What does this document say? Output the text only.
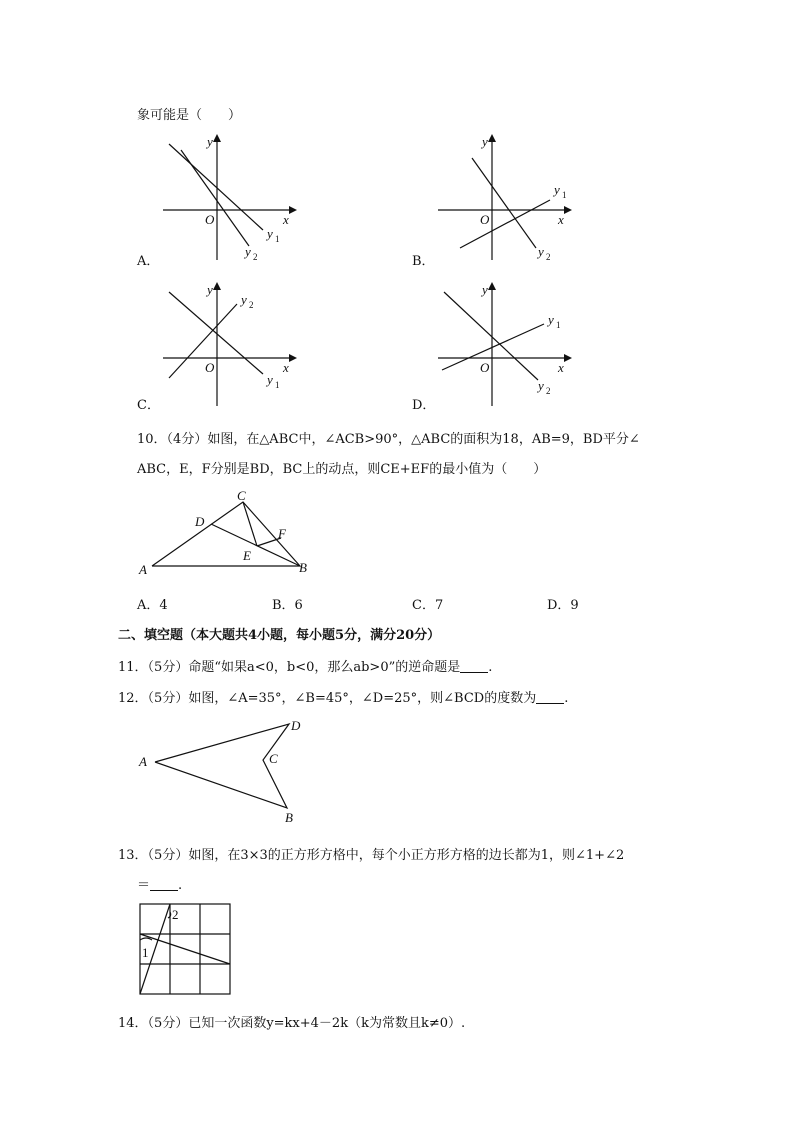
象可能是（　　）
y
x
O
y 1
y 2
A．
y
x
O
y 1
y 2
B．
y
x
O
y 1
y 2
C．
y
x
O
y 1
y 2
D．
10．（4分）如图，在△ABC中，∠ACB>90°，△ABC的面积为18，AB=9，BD平分∠
ABC，E，F分别是BD，BC上的动点，则CE+EF的最小值为（　　）
A	B
C
D
E
F
A．4	B．6	C．7	D．9
二、填空题（本大题共4小题，每小题5分，满分20分）
11．（5分）命题“如果a<0，b<0，那么ab>0”的逆命题是 .
12．（5分）如图，∠A=35°，∠B=45°，∠D=25°，则∠BCD的度数为 .
A
B
C
D
13．（5分）如图，在3×3的正方形方格中，每个小正方形方格的边长都为1，则∠1+∠2
＝ .
1
2
14．（5分）已知一次函数y=kx+4－2k（k为常数且k≠0）.
